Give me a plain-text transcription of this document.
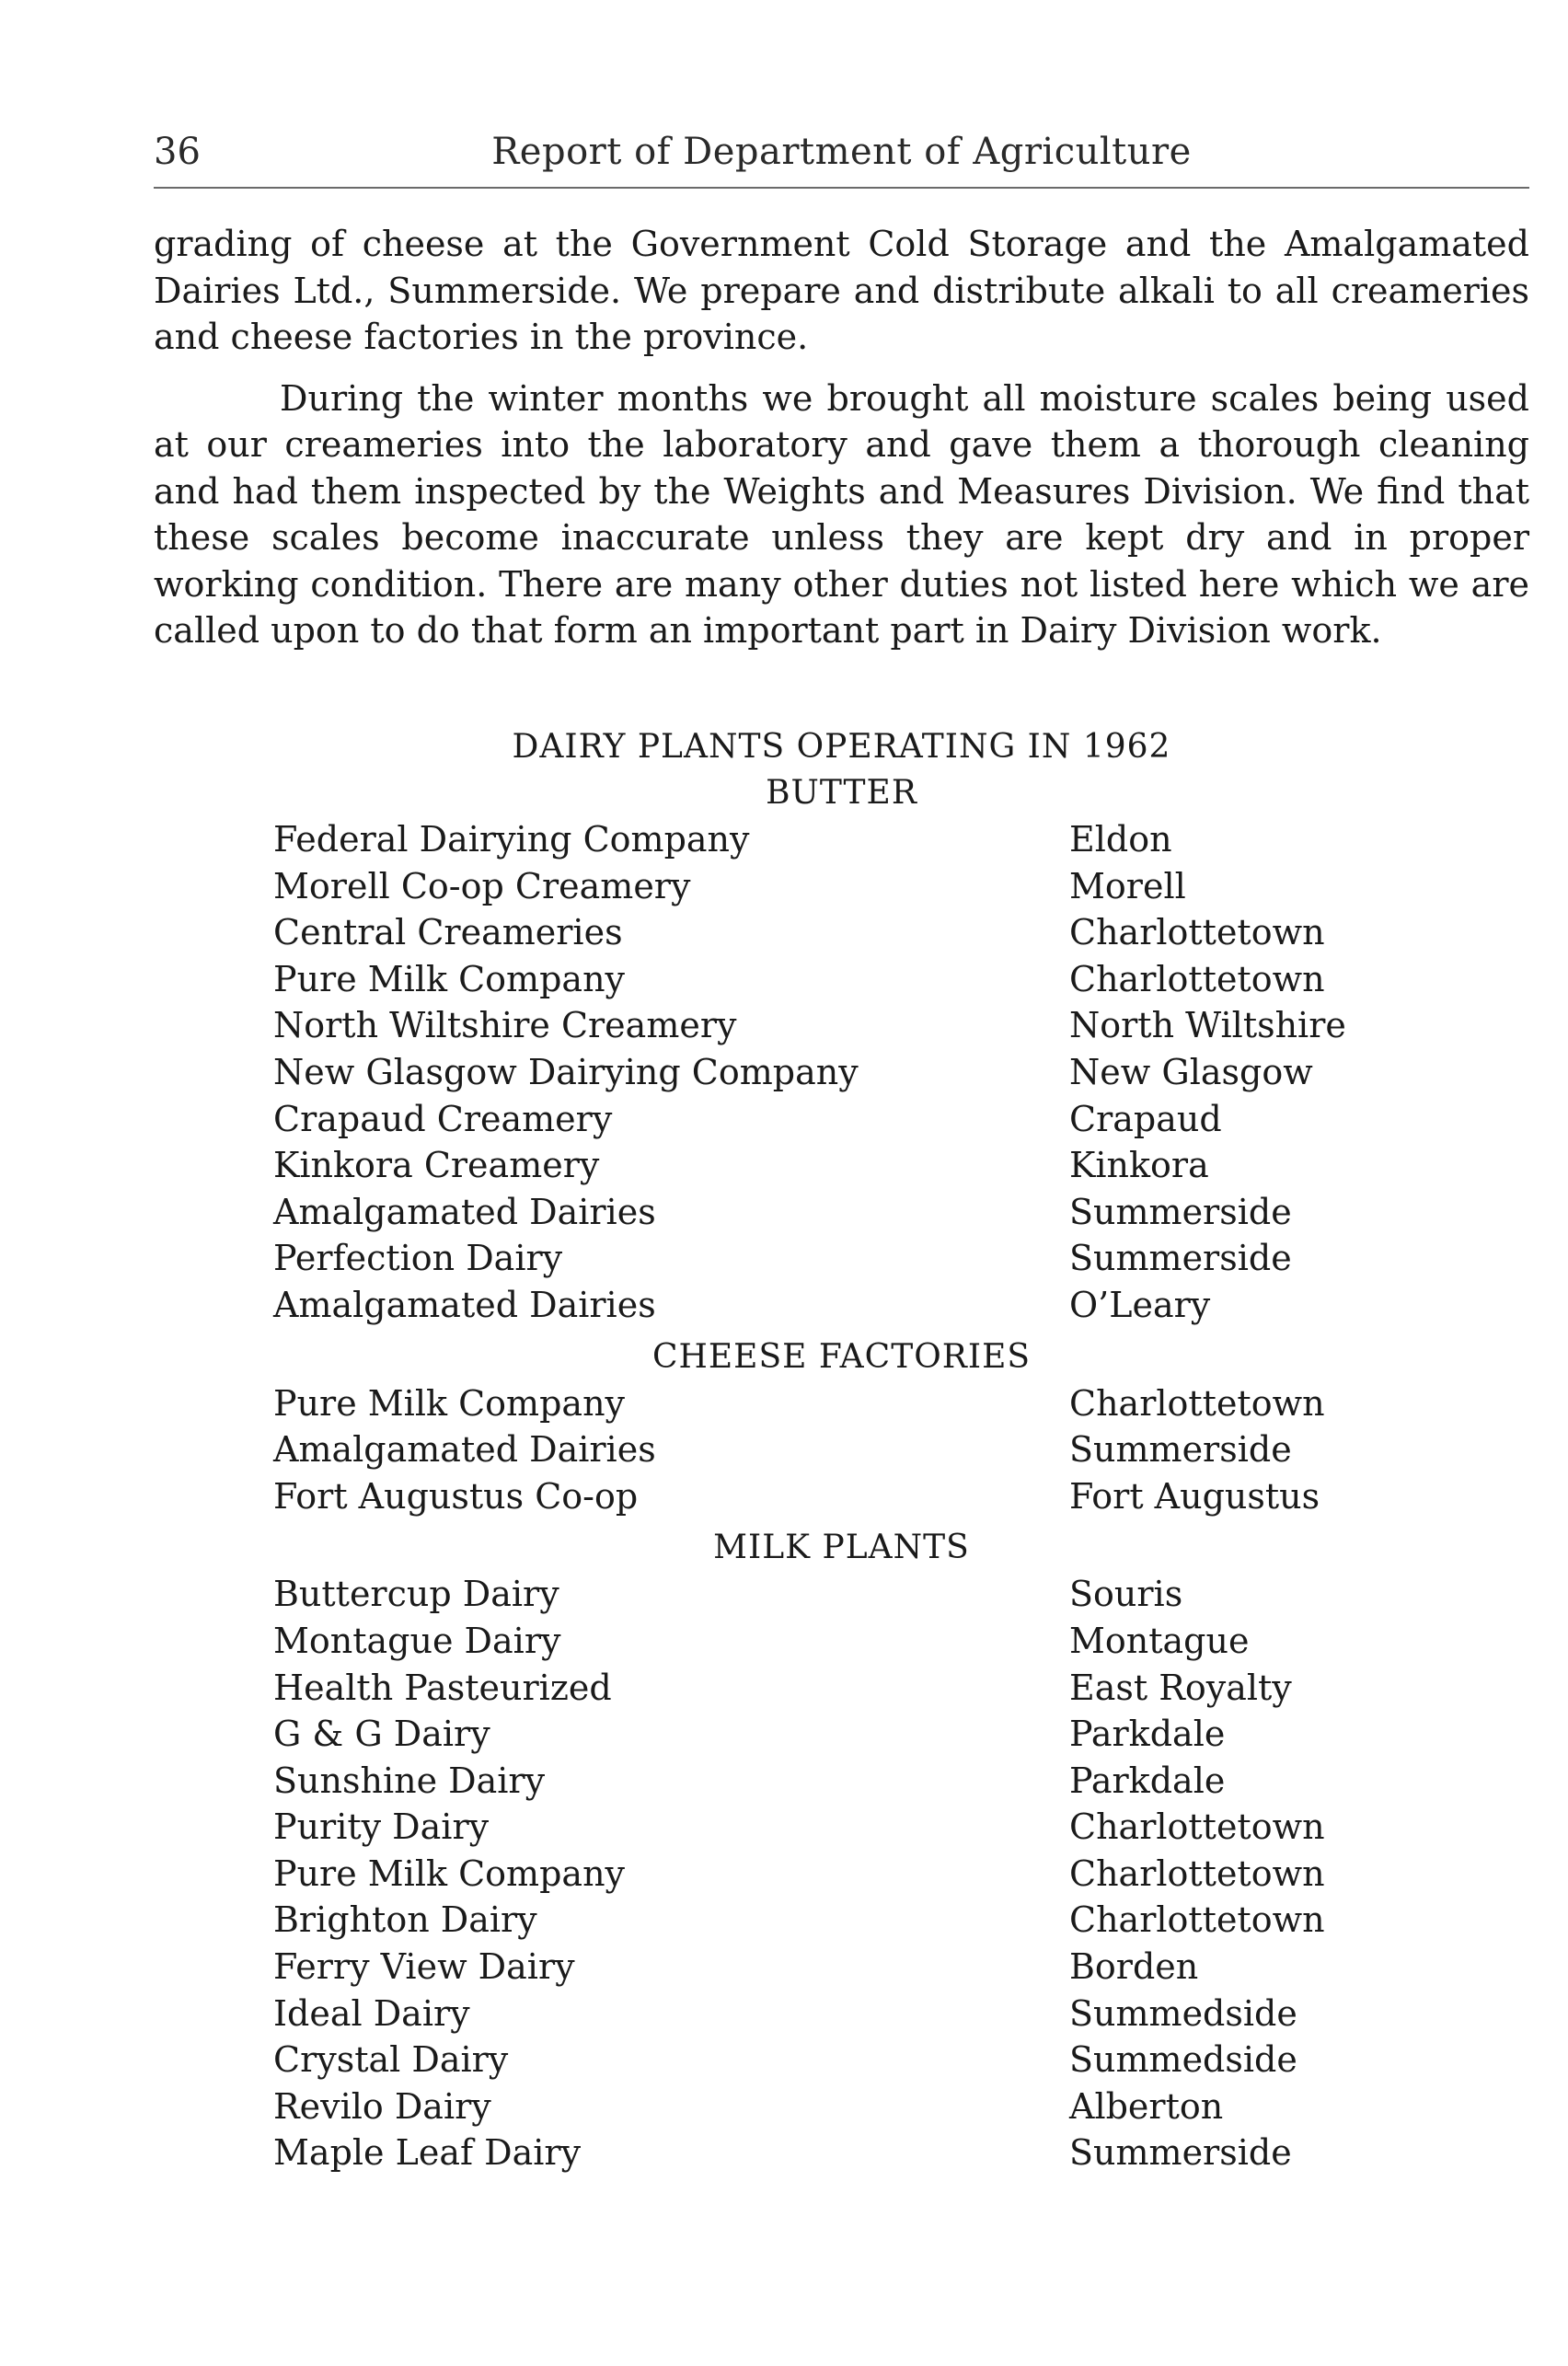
36	Report of Department of Agriculture

grading of cheese at the Government Cold Storage and the Amalgamated Dairies Ltd., Summerside. We prepare and distribute alkali to all creameries and cheese factories in the province.

During the winter months we brought all moisture scales being used at our creameries into the laboratory and gave them a thorough cleaning and had them inspected by the Weights and Measures Division. We find that these scales become inaccurate unless they are kept dry and in proper working condition. There are many other duties not listed here which we are called upon to do that form an important part in Dairy Division work.

DAIRY PLANTS OPERATING IN 1962
BUTTER
Federal Dairying Company	Eldon
Morell Co-op Creamery	Morell
Central Creameries	Charlottetown
Pure Milk Company	Charlottetown
North Wiltshire Creamery	North Wiltshire
New Glasgow Dairying Company	New Glasgow
Crapaud Creamery	Crapaud
Kinkora Creamery	Kinkora
Amalgamated Dairies	Summerside
Perfection Dairy	Summerside
Amalgamated Dairies	O’Leary
CHEESE FACTORIES
Pure Milk Company	Charlottetown
Amalgamated Dairies	Summerside
Fort Augustus Co-op	Fort Augustus
MILK PLANTS
Buttercup Dairy	Souris
Montague Dairy	Montague
Health Pasteurized	East Royalty
G & G Dairy	Parkdale
Sunshine Dairy	Parkdale
Purity Dairy	Charlottetown
Pure Milk Company	Charlottetown
Brighton Dairy	Charlottetown
Ferry View Dairy	Borden
Ideal Dairy	Summedside
Crystal Dairy	Summedside
Revilo Dairy	Alberton
Maple Leaf Dairy	Summerside
